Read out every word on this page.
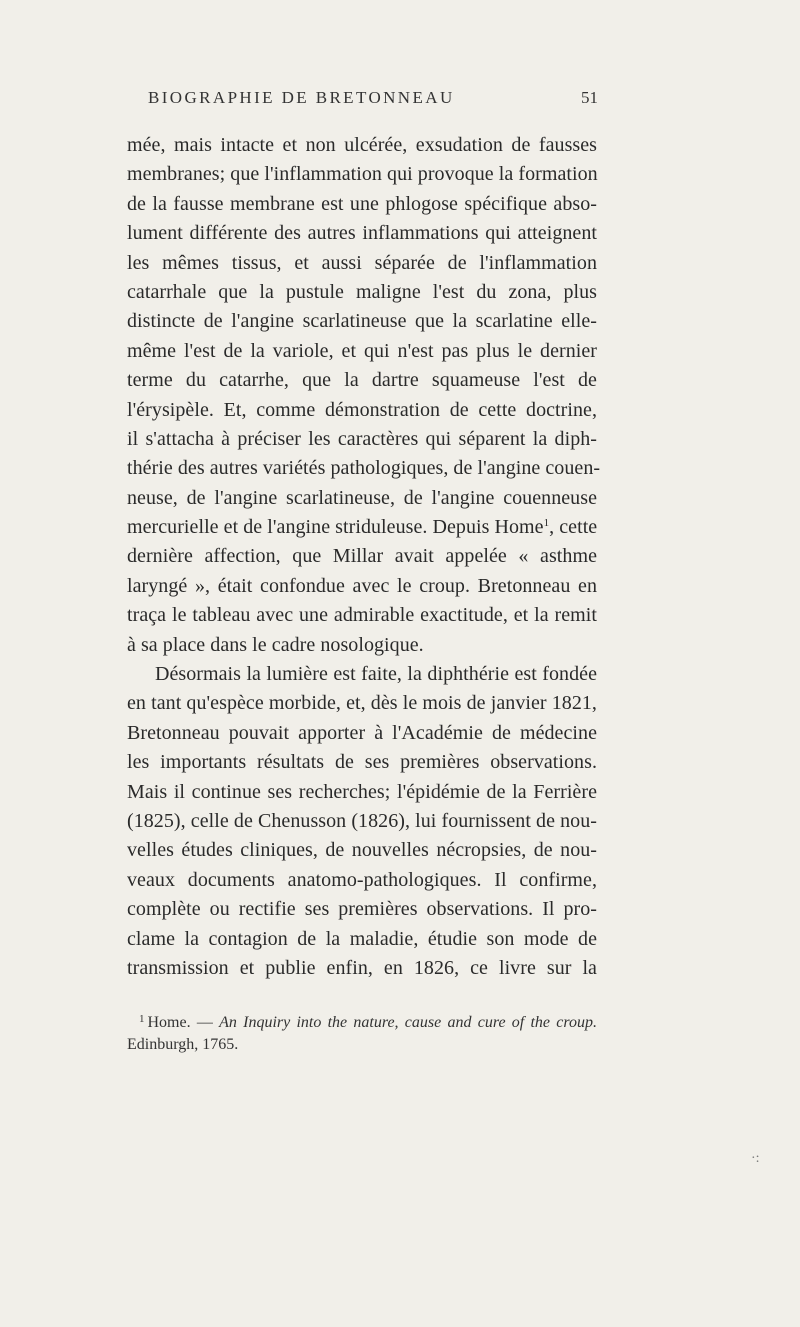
BIOGRAPHIE DE BRETONNEAU	51
mée, mais intacte et non ulcérée, exsudation de fausses
membranes; que l'inflammation qui provoque la formation
de la fausse membrane est une phlogose spécifique abso-
lument différente des autres inflammations qui atteignent
les mêmes tissus, et aussi séparée de l'inflammation
catarrhale que la pustule maligne l'est du zona, plus
distincte de l'angine scarlatineuse que la scarlatine elle-
même l'est de la variole, et qui n'est pas plus le dernier
terme du catarrhe, que la dartre squameuse l'est de
l'érysipèle. Et, comme démonstration de cette doctrine,
il s'attacha à préciser les caractères qui séparent la diph-
thérie des autres variétés pathologiques, de l'angine couen-
neuse, de l'angine scarlatineuse, de l'angine couenneuse
mercurielle et de l'angine striduleuse. Depuis Home$^1$, cette
dernière affection, que Millar avait appelée « asthme
laryngé », était confondue avec le croup. Bretonneau en
traça le tableau avec une admirable exactitude, et la remit
à sa place dans le cadre nosologique.
Désormais la lumière est faite, la diphthérie est fondée
en tant qu'espèce morbide, et, dès le mois de janvier 1821,
Bretonneau pouvait apporter à l'Académie de médecine
les importants résultats de ses premières observations.
Mais il continue ses recherches; l'épidémie de la Ferrière
(1825), celle de Chenusson (1826), lui fournissent de nou-
velles études cliniques, de nouvelles nécropsies, de nou-
veaux documents anatomo-pathologiques. Il confirme,
complète ou rectifie ses premières observations. Il pro-
clame la contagion de la maladie, étudie son mode de
transmission et publie enfin, en 1826, ce livre sur la
$^1$ Home. — An Inquiry into the nature, cause and cure of the croup.
Edinburgh, 1765.
·:
